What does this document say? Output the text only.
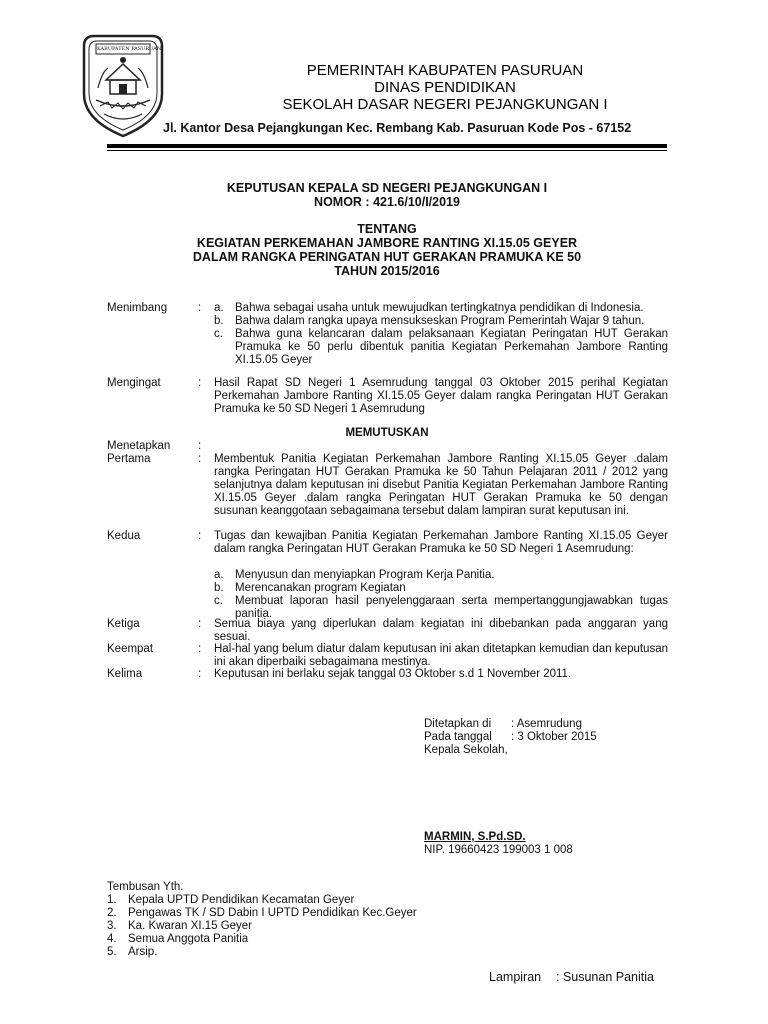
KABUPATEN PASURUAN
PEMERINTAH KABUPATEN PASURUAN
DINAS PENDIDIKAN
SEKOLAH DASAR NEGERI PEJANGKUNGAN I
Jl. Kantor Desa Pejangkungan Kec. Rembang Kab. Pasuruan Kode Pos - 67152
KEPUTUSAN KEPALA SD NEGERI PEJANGKUNGAN I
NOMOR : 421.6/10/I/2019
TENTANG
KEGIATAN PERKEMAHAN JAMBORE RANTING XI.15.05 GEYER
DALAM RANGKA PERINGATAN HUT GERAKAN PRAMUKA KE 50
TAHUN 2015/2016
Menimbang	: a. Bahwa sebagai usaha untuk mewujudkan tertingkatnya pendidikan di Indonesia.
b. Bahwa dalam rangka upaya mensukseskan Program Pemerintah Wajar 9 tahun.
c. Bahwa guna kelancaran dalam pelaksanaan Kegiatan Peringatan HUT Gerakan Pramuka ke 50 perlu dibentuk panitia Kegiatan Perkemahan Jambore Ranting XI.15.05 Geyer
Mengingat	: Hasil Rapat SD Negeri 1 Asemrudung tanggal 03 Oktober 2015 perihal Kegiatan Perkemahan Jambore Ranting XI.15.05 Geyer dalam rangka Peringatan HUT Gerakan Pramuka ke 50 SD Negeri 1 Asemrudung
MEMUTUSKAN
Menetapkan :
Pertama	: Membentuk Panitia Kegiatan Perkemahan Jambore Ranting XI.15.05 Geyer .dalam rangka Peringatan HUT Gerakan Pramuka ke 50 Tahun Pelajaran 2011 / 2012 yang selanjutnya dalam keputusan ini disebut Panitia Kegiatan Perkemahan Jambore Ranting XI.15.05 Geyer .dalam rangka Peringatan HUT Gerakan Pramuka ke 50 dengan susunan keanggotaan sebagaimana tersebut dalam lampiran surat keputusan ini.
Kedua	: Tugas dan kewajiban Panitia Kegiatan Perkemahan Jambore Ranting XI.15.05 Geyer dalam rangka Peringatan HUT Gerakan Pramuka ke 50 SD Negeri 1 Asemrudung:
a. Menyusun dan menyiapkan Program Kerja Panitia.
b. Merencanakan program Kegiatan
c. Membuat laporan hasil penyelenggaraan serta mempertanggungjawabkan tugas panitia.
Ketiga	: Semua biaya yang diperlukan dalam kegiatan ini dibebankan pada anggaran yang sesuai.
Keempat	: Hal-hal yang belum diatur dalam keputusan ini akan ditetapkan kemudian dan keputusan ini akan diperbaiki sebagaimana mestinya.
Kelima	: Keputusan ini berlaku sejak tanggal 03 Oktober s.d 1 November 2011.
Ditetapkan di : Asemrudung
Pada tanggal : 3 Oktober 2015
Kepala Sekolah,
MARMIN, S.Pd.SD.
NIP. 19660423 199003 1 008
Tembusan Yth.
1. Kepala UPTD Pendidikan Kecamatan Geyer
2. Pengawas TK / SD Dabin I UPTD Pendidikan Kec.Geyer
3. Ka. Kwaran XI.15 Geyer
4. Semua Anggota Panitia
5. Arsip.
Lampiran : Susunan Panitia
